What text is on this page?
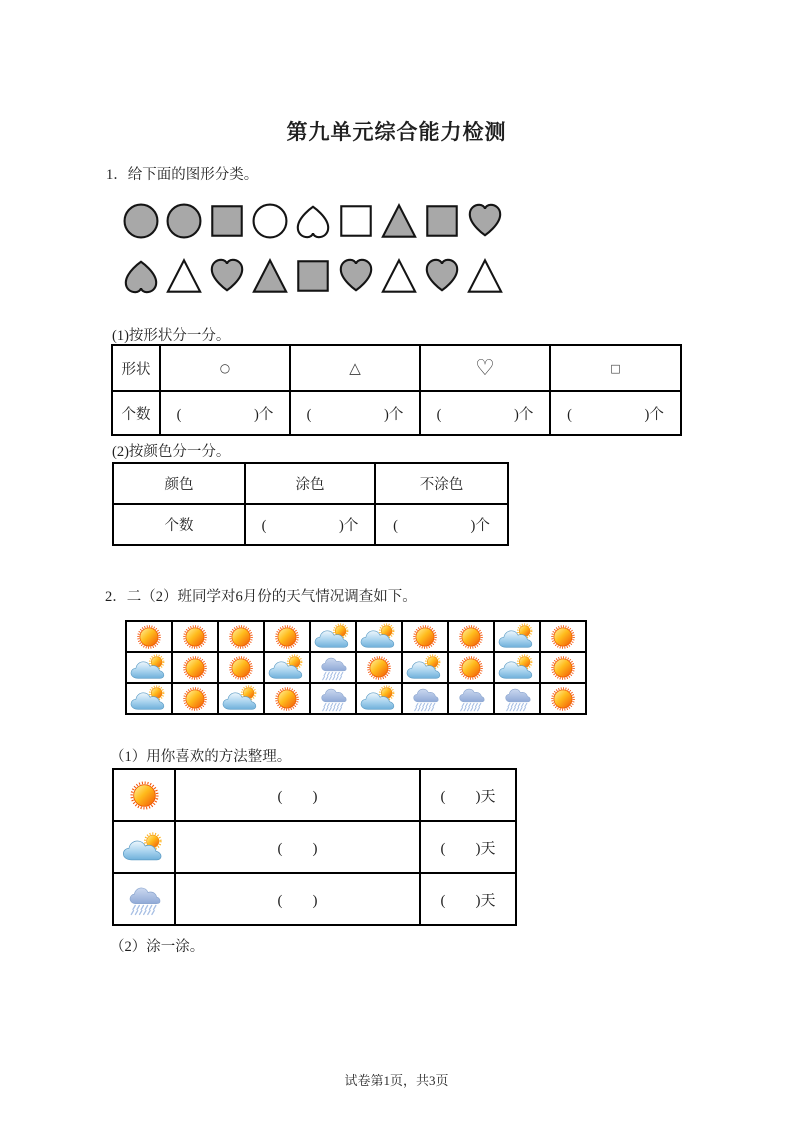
第九单元综合能力检测
1．给下面的图形分类。
(1)按形状分一分。
形状	○	△	♡	□
个数	(　　　　　)个	(　　　　　)个	(　　　　　)个	(　　　　　)个
(2)按颜色分一分。
颜色	涂色	不涂色
个数	(　　　　　)个	(　　　　　)个
2．二（2）班同学对6月份的天气情况调查如下。

（1）用你喜欢的方法整理。
	(　　)	(　　)天

	(　　)	(　　)天

	(　　)	(　　)天
（2）涂一涂。
试卷第1页，共3页
